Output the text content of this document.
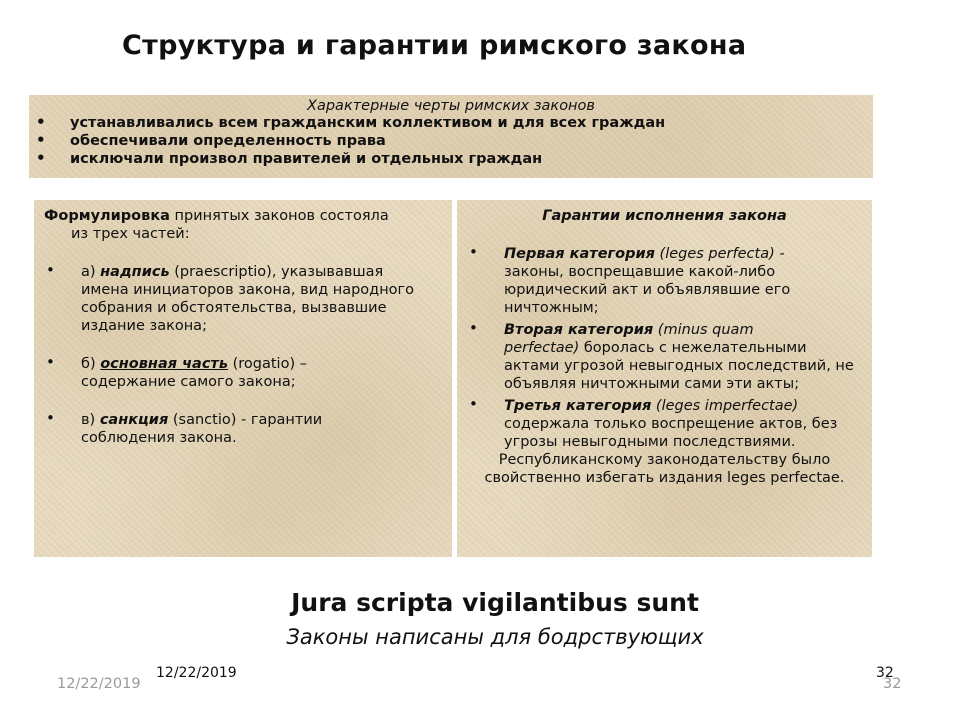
Структура и гарантии римского закона
Характерные черты римских законов
• устанавливались всем гражданским коллективом и для всех граждан
• обеспечивали определенность права
• исключали произвол правителей и отдельных граждан
Формулировка принятых законов состояла
из трех частей:
• а) надпись (praescriptio), указывавшая
имена инициаторов закона, вид народного собрания и обстоятельства, вызвавшие издание закона;
• б) основная часть (rogatio) –
содержание самого закона;
• в) санкция (sanctio) - гарантии
соблюдения закона.
Гарантии исполнения закона
• Первая категория (leges perfecta) -
законы, воспрещавшие какой-либо юридический акт и объявлявшие его ничтожным;
• Вторая категория (minus quam
perfectae) боролась с нежелательными актами угрозой невыгодных последствий, не объявляя ничтожными сами эти акты;
• Третья категория (leges imperfectae)
содержала только воспрещение актов, без угрозы невыгодными последствиями.
Республиканскому законодательству было свойственно избегать издания leges perfectae.
Jura scripta vigilantibus sunt
Законы написаны для бодрствующих
12/22/2019
12/22/2019
32
32
